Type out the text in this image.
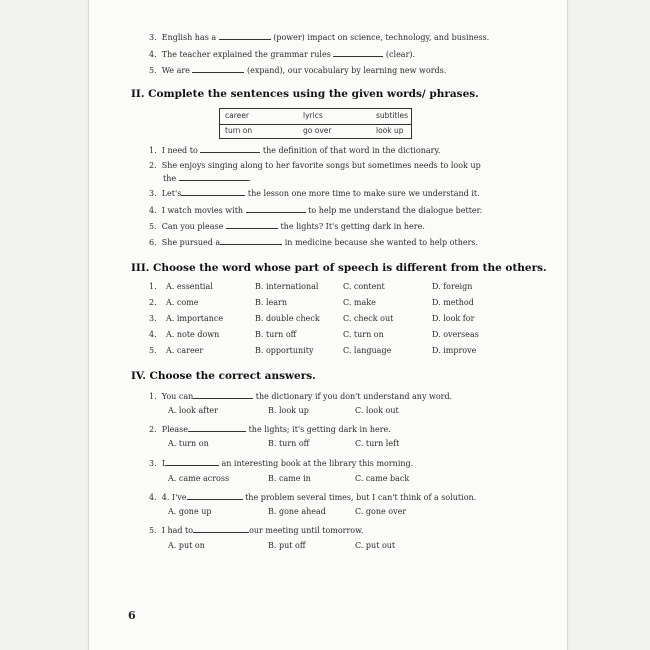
3. English has a	(power) impact on science, technology, and business.
4. The teacher explained the grammar rules	(clear).
5. We are	(expand), our vocabulary by learning new words.
II. Complete the sentences using the given words/ phrases.
career	lyrics	subtitles
turn on	go over	look up
1. I need to	the definition of that word in the dictionary.
2. She enjoys singing along to her favorite songs but sometimes needs to look up
the	.
3. Let's	the lesson one more time to make sure we understand it.
4. I watch movies with	to help me understand the dialogue better.
5. Can you please	the lights? It's getting dark in here.
6. She pursued a	in medicine because she wanted to help others.
III. Choose the word whose part of speech is different from the others.
1. A. essential	B. international	C. content	D. foreign
2. A. come	B. learn	C. make	D. method
3. A. importance	B. double check	C. check out	D. look for
4. A. note down	B. turn off	C. turn on	D. overseas
5. A. career	B. opportunity	C. language	D. improve
IV. Choose the correct answers.
1. You can	the dictionary if you don't understand any word.
A. look after	B. look up	C. look out
2. Please	the lights; it's getting dark in here.
A. turn on	B. turn off	C. turn left
3. I	an interesting book at the library this morning.
A. came across	B. came in	C. came back
4. 4. I've	the problem several times, but I can't think of a solution.
A. gone up	B. gone ahead	C. gone over
5. I had to	our meeting until tomorrow.
A. put on	B. put off	C. put out
6
